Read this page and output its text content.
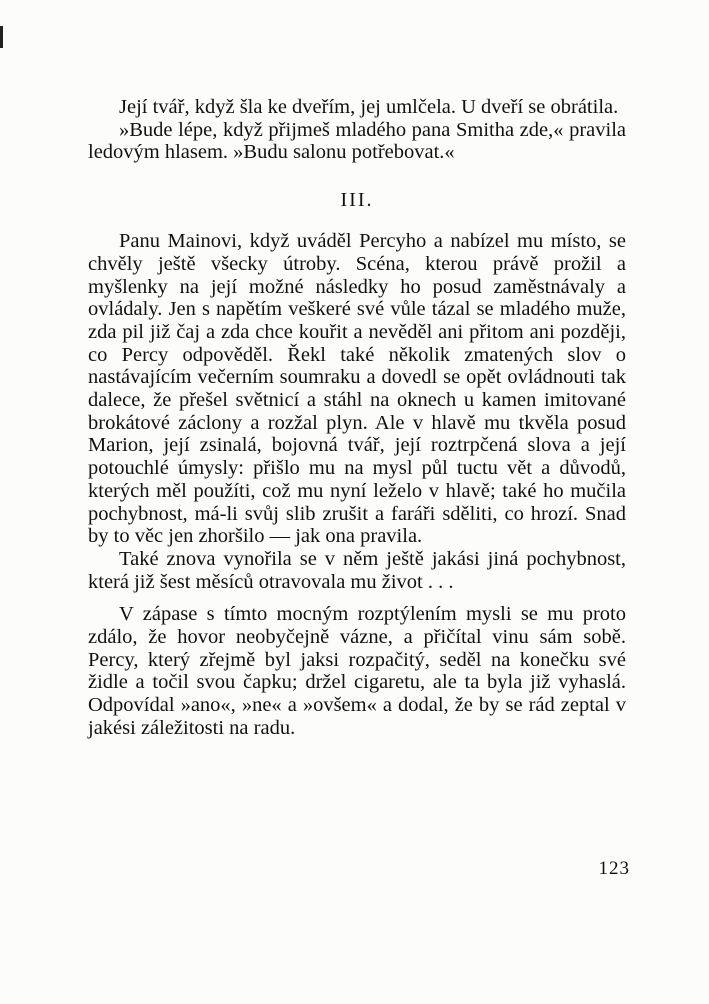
Její tvář, když šla ke dveřím, jej umlčela. U dveří se obrátila.

»Bude lépe, když přijmeš mladého pana Smitha zde,« pravila ledovým hlasem. »Budu salonu potřebovat.«

III.

Panu Mainovi, když uváděl Percyho a nabízel mu místo, se chvěly ještě všecky útroby. Scéna, kterou právě prožil a myšlenky na její možné následky ho posud zaměstnávaly a ovládaly. Jen s napětím veškeré své vůle tázal se mladého muže, zda pil již čaj a zda chce kouřit a nevěděl ani přitom ani později, co Percy odpověděl. Řekl také několik zmatených slov o nastávajícím večerním soumraku a dovedl se opět ovládnouti tak dalece, že přešel světnicí a stáhl na oknech u kamen imitované brokátové záclony a rozžal plyn. Ale v hlavě mu tkvěla posud Marion, její zsinalá, bojovná tvář, její roztrpčená slova a její potouchlé úmysly: přišlo mu na mysl půl tuctu vět a důvodů, kterých měl použíti, což mu nyní leželo v hlavě; také ho mučila pochybnost, má-li svůj slib zrušit a faráři sděliti, co hrozí. Snad by to věc jen zhoršilo — jak ona pravila.

Také znova vynořila se v něm ještě jakási jiná pochybnost, která již šest měsíců otravovala mu život . . .

V zápase s tímto mocným rozptýlením mysli se mu proto zdálo, že hovor neobyčejně vázne, a přičítal vinu sám sobě. Percy, který zřejmě byl jaksi rozpačitý, seděl na konečku své židle a točil svou čapku; držel cigaretu, ale ta byla již vyhaslá. Odpovídal »ano«, »ne« a »ovšem« a dodal, že by se rád zeptal v jakési záležitosti na radu.

123
